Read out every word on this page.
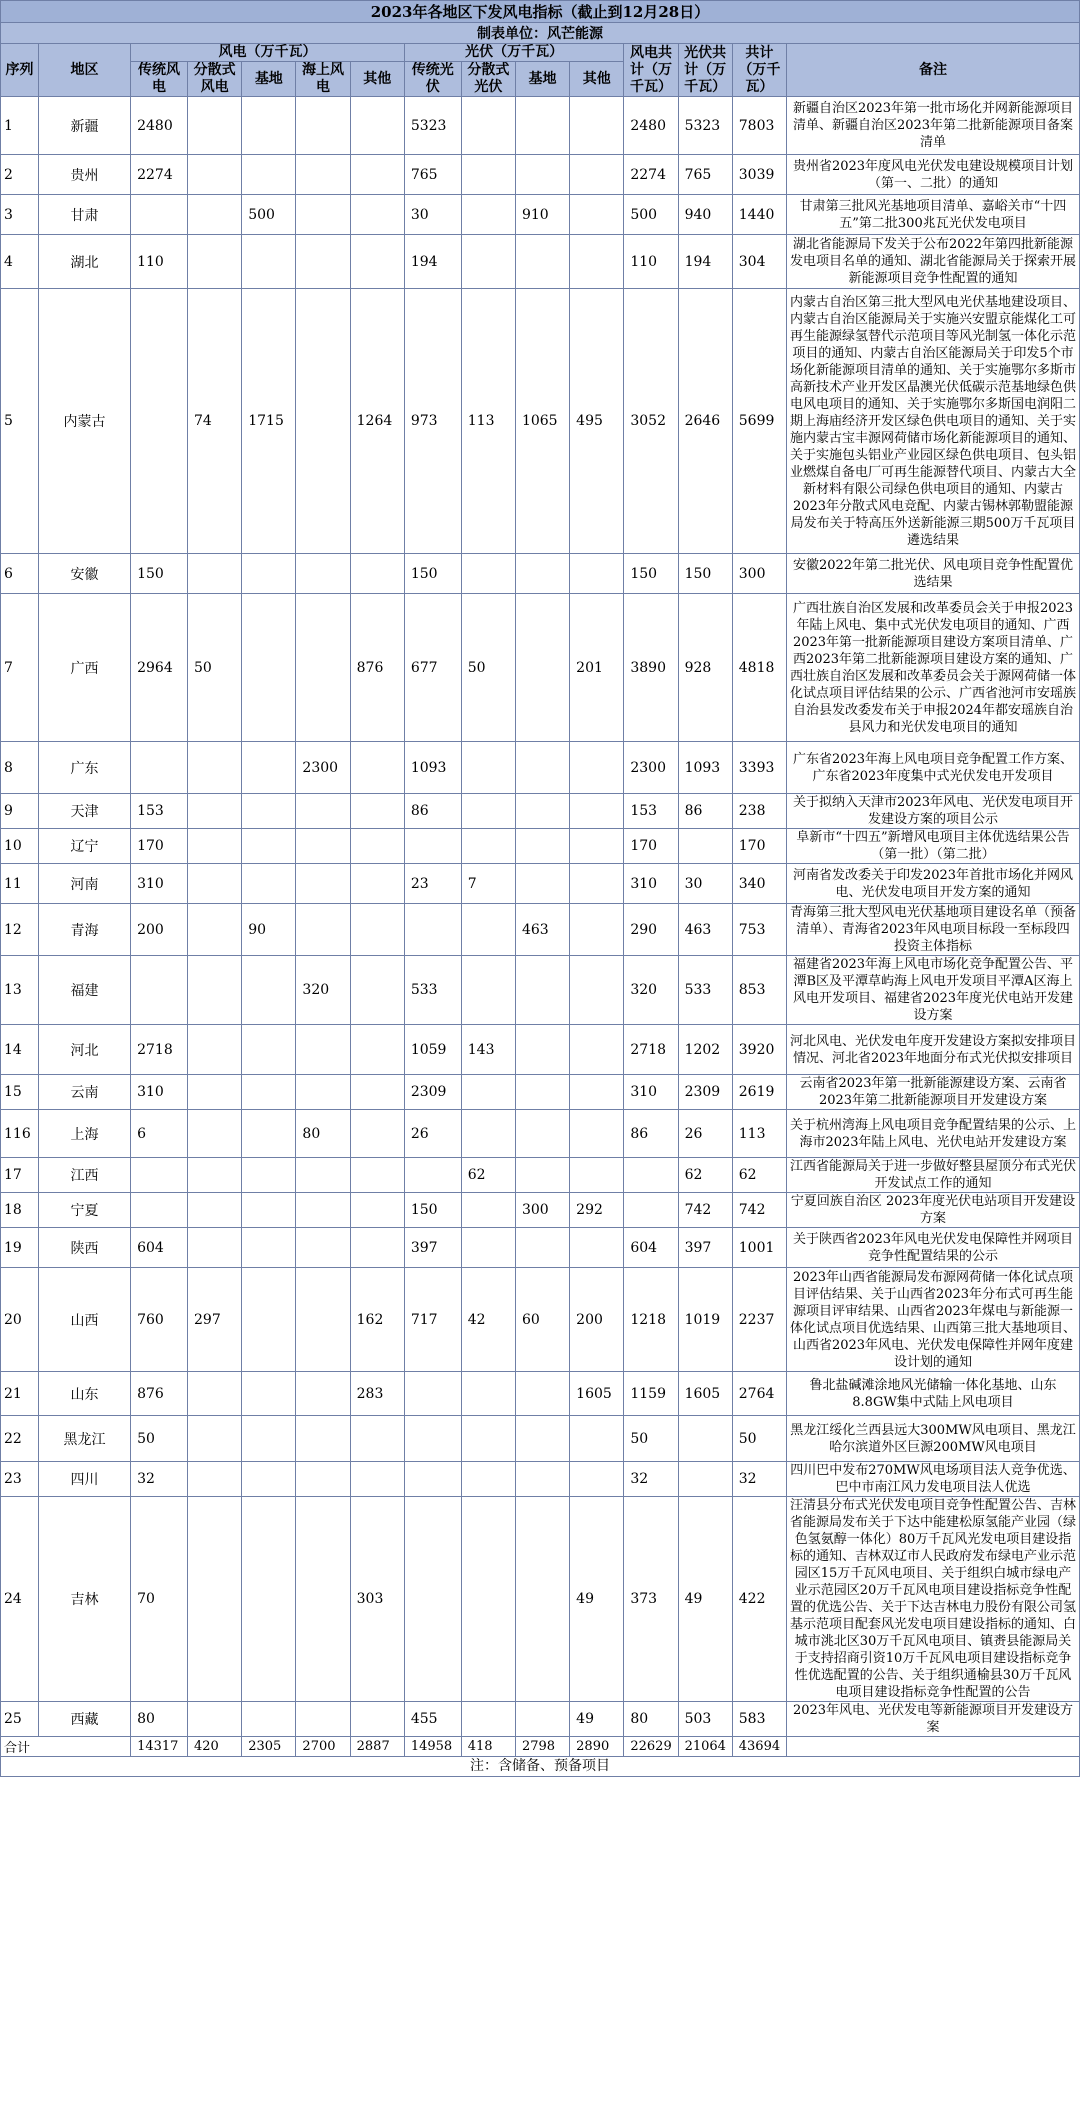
2023年各地区下发风电指标（截止到12月28日）														
制表单位：风芒能源														
序列	地区	风电（万千瓦）					光伏（万千瓦）				风电共计（万千瓦）	光伏共计（万千瓦）	共计（万千瓦）	备注
		传统风电	分散式风电	基地	海上风电	其他	传统光伏	分散式光伏	基地	其他				
1	新疆	2480					5323				2480	5323	7803	新疆自治区2023年第一批市场化并网新能源项目清单、新疆自治区2023年第二批新能源项目备案清单
2	贵州	2274					765				2274	765	3039	贵州省2023年度风电光伏发电建设规模项目计划（第一、二批）的通知
3	甘肃			500			30		910		500	940	1440	甘肃第三批风光基地项目清单、嘉峪关市“十四五”第二批300兆瓦光伏发电项目
4	湖北	110					194				110	194	304	湖北省能源局下发关于公布2022年第四批新能源发电项目名单的通知、湖北省能源局关于探索开展新能源项目竞争性配置的通知
5	内蒙古		74	1715		1264	973	113	1065	495	3052	2646	5699	内蒙古自治区第三批大型风电光伏基地建设项目、内蒙古自治区能源局关于实施兴安盟京能煤化工可再生能源绿氢替代示范项目等风光制氢一体化示范项目的通知、内蒙古自治区能源局关于印发5个市场化新能源项目清单的通知、关于实施鄂尔多斯市高新技术产业开发区晶澳光伏低碳示范基地绿色供电风电项目的通知、关于实施鄂尔多斯国电润阳二期上海庙经济开发区绿色供电项目的通知、关于实施内蒙古宝丰源网荷储市场化新能源项目的通知、关于实施包头铝业产业园区绿色供电项目、包头铝业燃煤自备电厂可再生能源替代项目、内蒙古大全新材料有限公司绿色供电项目的通知、内蒙古2023年分散式风电竞配、内蒙古锡林郭勒盟能源局发布关于特高压外送新能源三期500万千瓦项目遴选结果
6	安徽	150					150				150	150	300	安徽2022年第二批光伏、风电项目竞争性配置优选结果
7	广西	2964	50			876	677	50		201	3890	928	4818	广西壮族自治区发展和改革委员会关于申报2023年陆上风电、集中式光伏发电项目的通知、广西2023年第一批新能源项目建设方案项目清单、广西2023年第二批新能源项目建设方案的通知、广西壮族自治区发展和改革委员会关于源网荷储一体化试点项目评估结果的公示、广西省池河市安瑶族自治县发改委发布关于申报2024年都安瑶族自治县风力和光伏发电项目的通知
8	广东				2300		1093				2300	1093	3393	广东省2023年海上风电项目竞争配置工作方案、广东省2023年度集中式光伏发电开发项目
9	天津	153					86				153	86	238	关于拟纳入天津市2023年风电、光伏发电项目开发建设方案的项目公示
10	辽宁	170									170		170	阜新市“十四五”新增风电项目主体优选结果公告（第一批）（第二批）
11	河南	310					23	7			310	30	340	河南省发改委关于印发2023年首批市场化并网风电、光伏发电项目开发方案的通知
12	青海	200		90					463		290	463	753	青海第三批大型风电光伏基地项目建设名单（预备清单）、青海省2023年风电项目标段一至标段四投资主体指标
13	福建				320		533				320	533	853	福建省2023年海上风电市场化竞争配置公告、平潭B区及平潭草屿海上风电开发项目平潭A区海上风电开发项目、福建省2023年度光伏电站开发建设方案
14	河北	2718					1059	143			2718	1202	3920	河北风电、光伏发电年度开发建设方案拟安排项目情况、河北省2023年地面分布式光伏拟安排项目
15	云南	310					2309				310	2309	2619	云南省2023年第一批新能源建设方案、云南省2023年第二批新能源项目开发建设方案
116	上海	6			80		26				86	26	113	关于杭州湾海上风电项目竞争配置结果的公示、上海市2023年陆上风电、光伏电站开发建设方案
17	江西							62				62	62	江西省能源局关于进一步做好整县屋顶分布式光伏开发试点工作的通知
18	宁夏						150		300	292		742	742	宁夏回族自治区 2023年度光伏电站项目开发建设方案
19	陕西	604					397				604	397	1001	关于陕西省2023年风电光伏发电保障性并网项目竞争性配置结果的公示
20	山西	760	297			162	717	42	60	200	1218	1019	2237	2023年山西省能源局发布源网荷储一体化试点项目评估结果、关于山西省2023年分布式可再生能源项目评审结果、山西省2023年煤电与新能源一体化试点项目优选结果、山西第三批大基地项目、山西省2023年风电、光伏发电保障性并网年度建设计划的通知
21	山东	876				283				1605	1159	1605	2764	鲁北盐碱滩涂地风光储输一体化基地、山东8.8GW集中式陆上风电项目
22	黑龙江	50									50		50	黑龙江绥化兰西县远大300MW风电项目、黑龙江哈尔滨道外区巨源200MW风电项目
23	四川	32									32		32	四川巴中发布270MW风电场项目法人竞争优选、巴中市南江风力发电项目法人优选
24	吉林	70				303				49	373	49	422	汪清县分布式光伏发电项目竞争性配置公告、吉林省能源局发布关于下达中能建松原氢能产业园（绿色氢氨醇一体化）80万千瓦风光发电项目建设指标的通知、吉林双辽市人民政府发布绿电产业示范园区15万千瓦风电项目、关于组织白城市绿电产业示范园区20万千瓦风电项目建设指标竞争性配置的优选公告、关于下达吉林电力股份有限公司氢基示范项目配套风光发电项目建设指标的通知、白城市洮北区30万千瓦风电项目、镇赉县能源局关于支持招商引资10万千瓦风电项目建设指标竞争性优选配置的公告、关于组织通榆县30万千瓦风电项目建设指标竞争性配置的公告
25	西藏	80					455			49	80	503	583	2023年风电、光伏发电等新能源项目开发建设方案
合计		14317	420	2305	2700	2887	14958	418	2798	2890	22629	21064	43694	
注：含储备、预备项目
